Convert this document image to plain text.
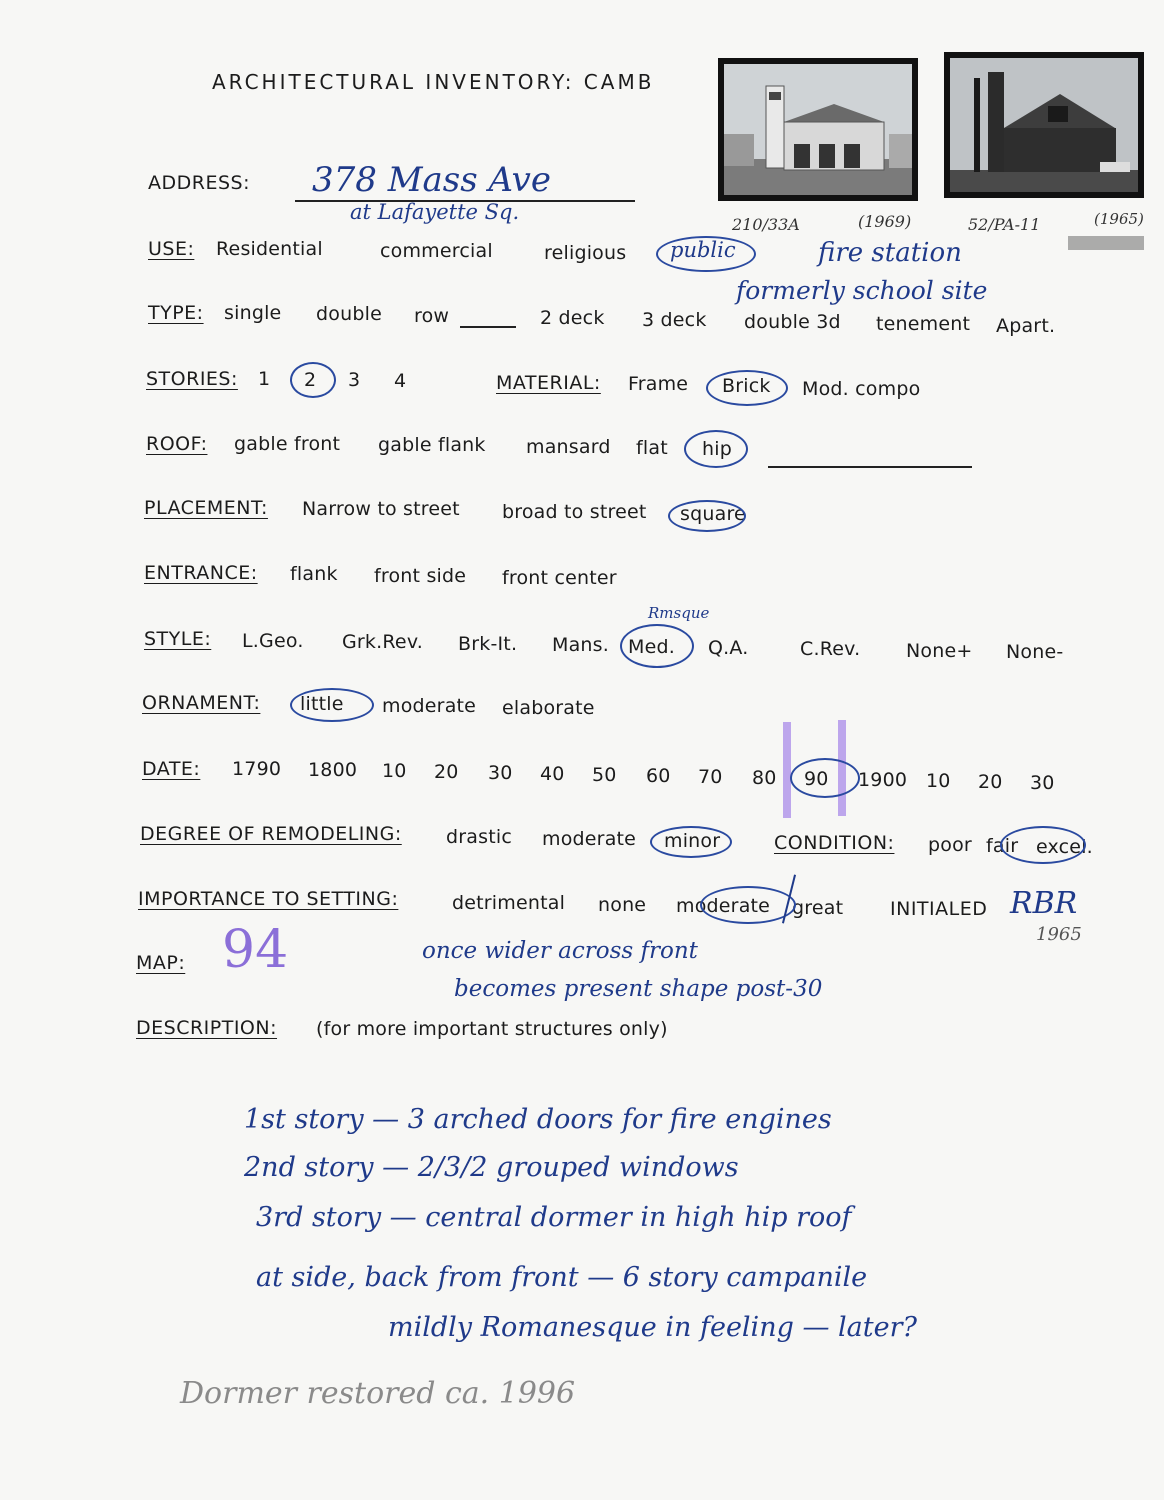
ARCHITECTURAL INVENTORY: CAMB
210/33A	(1969)	52/PA-11	(1965)
ADDRESS: 378 Mass Ave
at Lafayette Sq.
USE: Residential	commercial	religious public	fire station
formerly school site
TYPE: single double row	2 deck 3 deck double 3d tenement Apart.
STORIES: 1 2 3 4	MATERIAL: Frame Brick Mod. compo
ROOF: gable front gable flank mansard flat hip
PLACEMENT: Narrow to street broad to street square
ENTRANCE: flank front side front center
STYLE: L.Geo. Grk.Rev. Brk-It. Mans.
Rmsque
Med. Q.A.	C.Rev. None+ None-
ORNAMENT: little moderate elaborate
DATE: 1790 1800 10 20 30 40 50 60 70 80 90 1900 10 20 30
DEGREE OF REMODELING: drastic moderate minor	CONDITION: poor fair excel.
IMPORTANCE TO SETTING:	detrimental none moderate great INITIALED RBR
1965
MAP: 94	once wider across front
becomes present shape post-30
DESCRIPTION: (for more important structures only)
1st story — 3 arched doors for fire engines
2nd story — 2/3/2 grouped windows
3rd story — central dormer in high hip roof
at side, back from front — 6 story campanile
mildly Romanesque in feeling — later?
Dormer restored ca. 1996
